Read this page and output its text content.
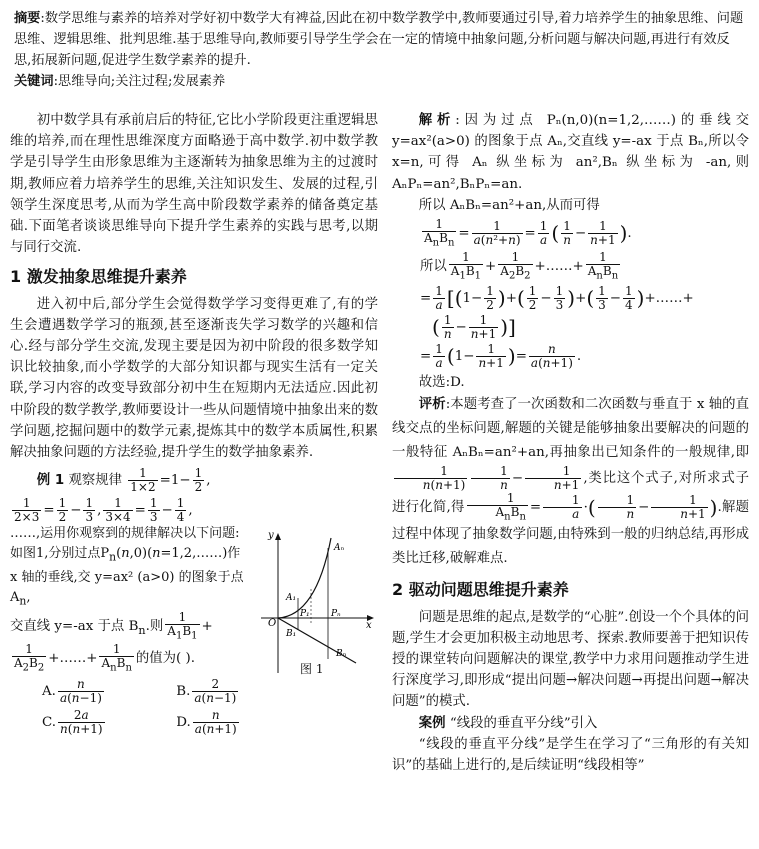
摘要:数学思维与素养的培养对学好初中数学大有裨益,因此在初中数学教学中,教师要通过引导,着力培养学生的抽象思维、问题思维、逻辑思维、批判思维.基于思维导向,教师要引导学生学会在一定的情境中抽象问题,分析问题与解决问题,再进行有效反思,拓展新问题,促进学生数学素养的提升.
关键词:思维导向;关注过程;发展素养

初中数学具有承前启后的特征,它比小学阶段更注重逻辑思维的培养,而在理性思维深度方面略逊于高中数学.初中数学教学是引导学生由形象思维为主逐渐转为抽象思维为主的过渡时期,教师应着力培养学生的思维,关注知识发生、发展的过程,引领学生深度思考,从而为学生高中阶段数学素养的储备奠定基础.下面笔者谈谈思维导向下提升学生素养的实践与思考,以期与同行交流.

1 激发抽象思维提升素养

进入初中后,部分学生会觉得数学学习变得更难了,有的学生会遭遇数学学习的瓶颈,甚至逐渐丧失学习数学的兴趣和信心.经与部分学生交流,发现主要是因为初中阶段的很多数学知识比较抽象,而小学数学的大部分知识都与现实生活有一定关联,学习内容的改变导致部分初中生在短期内无法适应.因此初中阶段的数学教学,教师要设计一些从问题情境中抽象出来的数学问题,挖掘问题中的数学元素,提炼其中的数学本质属性,积累解决抽象问题的方法经验,提升学生的数学抽象素养.

例 1 观察规律 $\frac{1}{1\times 2} =1- \frac{1}{2}$ ,
$\frac{1}{2\times 3} = \frac{1}{2} - \frac{1}{3}$ , $\frac{1}{3\times 4} = \frac{1}{3} - \frac{1}{4}$ ,
……,运用你观察到的规律解决以下问题:如图1,分别过点$P_n(n,0)(n=1,2,\dots\dots)$作 x 轴的垂线,交 y=ax² (a>0) 的图象于点 $A_n$,
交直线 y=-ax 于点 $B_n$.则 $\frac{1}{A_1B_1}$ +
$\frac{1}{A_2B_2}$ +……+ $\frac{1}{A_nB_n}$ 的值为( ).
A. $\frac{n}{a(n-1)}$	B. $\frac{2}{a(n-1)}$
C. $\frac{2a}{n(n+1)}$	D. $\frac{n}{a(n+1)}$
y
x
O
A₁
B₁
P₁ Pₙ
Aₙ
Bₙ
图 1

解析:因为过点 Pₙ(n,0)(n=1,2,……)的垂线交 y=ax²(a>0) 的图象于点 Aₙ,交直线 y=-ax 于点 Bₙ,所以令 x=n,可得 Aₙ 纵坐标为 an²,Bₙ 纵坐标为 -an,则 AₙPₙ=an²,BₙPₙ=an.

所以 AₙBₙ=an²+an,从而可得

$\frac{1}{A_nB_n} = \frac{1}{\text{a(n²+n)}} = \frac{1}{a}$ ( $\frac{1}{n} - \frac{1}{n+1}$ ).
所以 $\frac{1}{A_1B_1} + \frac{1}{A_2B_2}$ +……+ $\frac{1}{A_nB_n}$
= $\frac{1}{a} [(1- \frac{1}{2}$ )+( $\frac{1}{2} - \frac{1}{3}$ )+( $\frac{1}{3} - \frac{1}{4}$ )+……+
( $\frac{1}{n} - \frac{1}{n+1}$ )]
= $\frac{1}{a} (1- \frac{1}{n+1}$ )= $\frac{n}{a(n+1)}$ .

故选:D.

评析:本题考查了一次函数和二次函数与垂直于 x 轴的直线交点的坐标问题,解题的关键是能够抽象出要解决的问题的一般特征 AₙBₙ=an²+an,再抽象出已知条件的一般规律,即
$\frac{1}{n(n+1)} \frac{1}{n} - \frac{1}{n+1}$ ,类比这个式子,对所求式子进行化简,得 $\frac{1}{A_nB_n} = \frac{1}{a}$ ·( $\frac{1}{n} - \frac{1}{n+1}$ ).解题过程中体现了抽象数学问题,由特殊到一般的归纳总结,再形成类比迁移,破解难点.

2 驱动问题思维提升素养

问题是思维的起点,是数学的“心脏”.创设一个个具体的问题,学生才会更加积极主动地思考、探索.教师要善于把知识传授的课堂转向问题解决的课堂,教学中力求用问题推动学生进行深度学习,即形成“提出问题→解决问题→再提出问题→解决问题”的模式.

案例 “线段的垂直平分线”引入

“线段的垂直平分线”是学生在学习了“三角形的有关知识”的基础上进行的,是后续证明“线段相等”
